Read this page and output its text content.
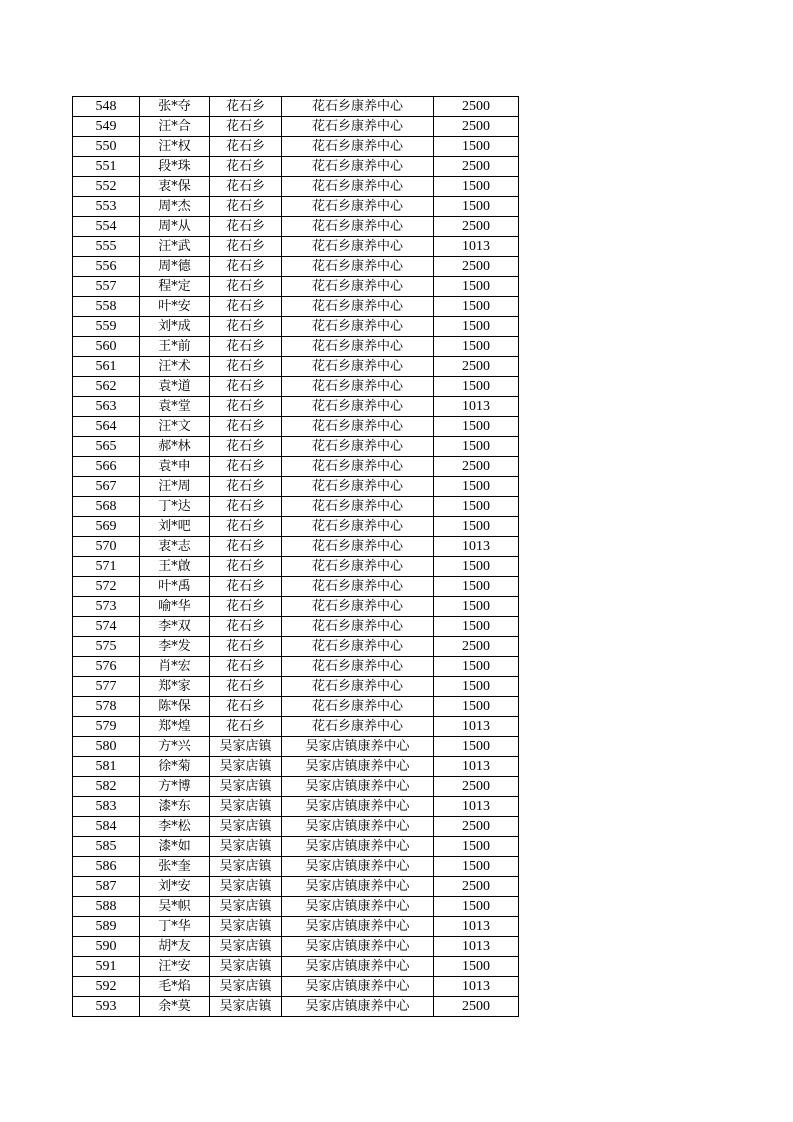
548	张*夺	花石乡	花石乡康养中心	2500
549	汪*合	花石乡	花石乡康养中心	2500
550	汪*权	花石乡	花石乡康养中心	1500
551	段*珠	花石乡	花石乡康养中心	2500
552	衷*保	花石乡	花石乡康养中心	1500
553	周*杰	花石乡	花石乡康养中心	1500
554	周*从	花石乡	花石乡康养中心	2500
555	汪*武	花石乡	花石乡康养中心	1013
556	周*德	花石乡	花石乡康养中心	2500
557	程*定	花石乡	花石乡康养中心	1500
558	叶*安	花石乡	花石乡康养中心	1500
559	刘*成	花石乡	花石乡康养中心	1500
560	王*前	花石乡	花石乡康养中心	1500
561	汪*术	花石乡	花石乡康养中心	2500
562	袁*道	花石乡	花石乡康养中心	1500
563	袁*堂	花石乡	花石乡康养中心	1013
564	汪*文	花石乡	花石乡康养中心	1500
565	郝*林	花石乡	花石乡康养中心	1500
566	袁*申	花石乡	花石乡康养中心	2500
567	汪*周	花石乡	花石乡康养中心	1500
568	丁*达	花石乡	花石乡康养中心	1500
569	刘*吧	花石乡	花石乡康养中心	1500
570	衷*志	花石乡	花石乡康养中心	1013
571	王*啟	花石乡	花石乡康养中心	1500
572	叶*禹	花石乡	花石乡康养中心	1500
573	喻*华	花石乡	花石乡康养中心	1500
574	李*双	花石乡	花石乡康养中心	1500
575	李*发	花石乡	花石乡康养中心	2500
576	肖*宏	花石乡	花石乡康养中心	1500
577	郑*家	花石乡	花石乡康养中心	1500
578	陈*保	花石乡	花石乡康养中心	1500
579	郑*煌	花石乡	花石乡康养中心	1013
580	方*兴	吴家店镇	吴家店镇康养中心	1500
581	徐*菊	吴家店镇	吴家店镇康养中心	1013
582	方*博	吴家店镇	吴家店镇康养中心	2500
583	漆*东	吴家店镇	吴家店镇康养中心	1013
584	李*松	吴家店镇	吴家店镇康养中心	2500
585	漆*如	吴家店镇	吴家店镇康养中心	1500
586	张*奎	吴家店镇	吴家店镇康养中心	1500
587	刘*安	吴家店镇	吴家店镇康养中心	2500
588	吴*帜	吴家店镇	吴家店镇康养中心	1500
589	丁*华	吴家店镇	吴家店镇康养中心	1013
590	胡*友	吴家店镇	吴家店镇康养中心	1013
591	汪*安	吴家店镇	吴家店镇康养中心	1500
592	毛*焰	吴家店镇	吴家店镇康养中心	1013
593	余*莫	吴家店镇	吴家店镇康养中心	2500
